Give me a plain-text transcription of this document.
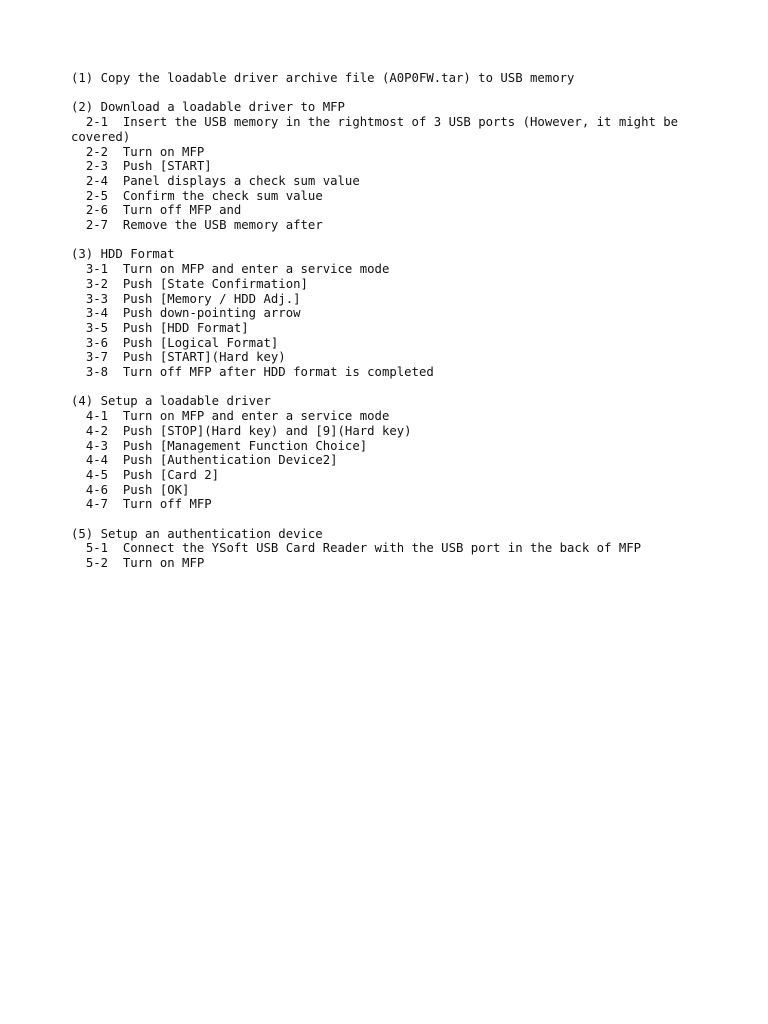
(1) Copy the loadable driver archive file (A0P0FW.tar) to USB memory
(2) Download a loadable driver to MFP
2-1  Insert the USB memory in the rightmost of 3 USB ports (However, it might be covered)
2-2  Turn on MFP
2-3  Push [START]
2-4  Panel displays a check sum value
2-5  Confirm the check sum value
2-6  Turn off MFP and
2-7  Remove the USB memory after
(3) HDD Format
3-1  Turn on MFP and enter a service mode
3-2  Push [State Confirmation]
3-3  Push [Memory / HDD Adj.]
3-4  Push down-pointing arrow
3-5  Push [HDD Format]
3-6  Push [Logical Format]
3-7  Push [START](Hard key)
3-8  Turn off MFP after HDD format is completed
(4) Setup a loadable driver
4-1  Turn on MFP and enter a service mode
4-2  Push [STOP](Hard key) and [9](Hard key)
4-3  Push [Management Function Choice]
4-4  Push [Authentication Device2]
4-5  Push [Card 2]
4-6  Push [OK]
4-7  Turn off MFP
(5) Setup an authentication device
5-1  Connect the YSoft USB Card Reader with the USB port in the back of MFP
5-2  Turn on MFP
